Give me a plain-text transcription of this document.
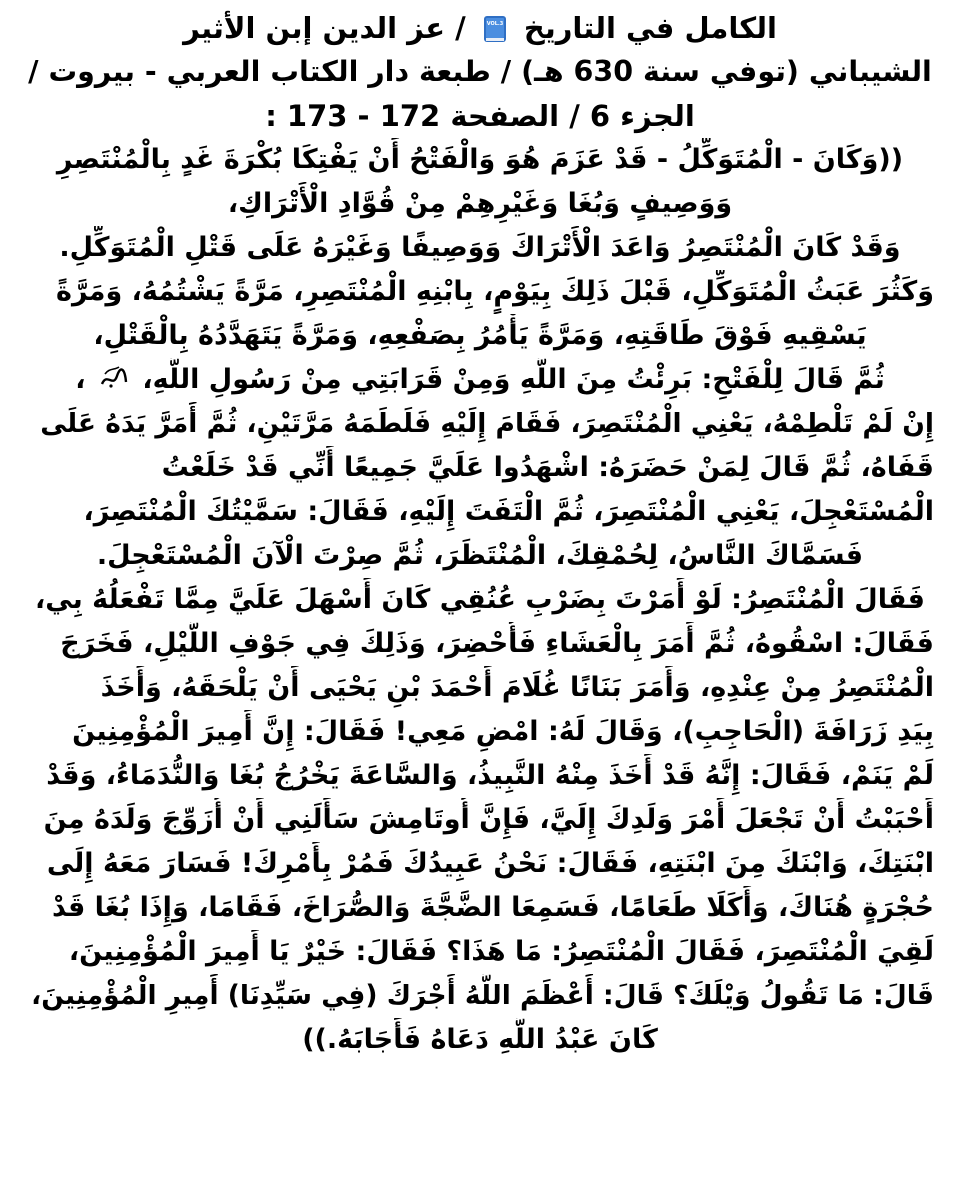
الكامل في التاريخ
VOL.3
/ عز الدين إبن الأثير
الشيباني (توفي سنة 630 هـ) / طبعة دار الكتاب العربي - بيروت /
الجزء 6 / الصفحة 172 - 173 :
((وَكَانَ - الْمُتَوَكِّلُ - قَدْ عَزَمَ هُوَ وَالْفَتْحُ أَنْ يَفْتِكَا بُكْرَةَ غَدٍ بِالْمُنْتَصِرِ
وَوَصِيفٍ وَبُغَا وَغَيْرِهِمْ مِنْ قُوَّادِ الْأَتْرَاكِ،
وَقَدْ كَانَ الْمُنْتَصِرُ وَاعَدَ الْأَتْرَاكَ وَوَصِيفًا وَغَيْرَهُ عَلَى قَتْلِ الْمُتَوَكِّلِ.
وَكَثُرَ عَبَثُ الْمُتَوَكِّلِ، قَبْلَ ذَلِكَ بِيَوْمٍ، بِابْنِهِ الْمُنْتَصِرِ، مَرَّةً يَشْتُمُهُ، وَمَرَّةً
يَسْقِيهِ فَوْقَ طَاقَتِهِ، وَمَرَّةً يَأْمُرُ بِصَفْعِهِ، وَمَرَّةً يَتَهَدَّدُهُ بِالْقَتْلِ،
ثُمَّ قَالَ لِلْفَتْحِ: بَرِئْتُ مِنَ اللَّهِ وَمِنْ قَرَابَتِي مِنْ رَسُولِ اللَّهِ،  ،
إِنْ لَمْ تَلْطِمْهُ، يَعْنِي الْمُنْتَصِرَ، فَقَامَ إِلَيْهِ فَلَطَمَهُ مَرَّتَيْنِ، ثُمَّ أَمَرَّ يَدَهُ عَلَى
قَفَاهُ، ثُمَّ قَالَ لِمَنْ حَضَرَهُ: اشْهَدُوا عَلَيَّ جَمِيعًا أَنِّي قَدْ خَلَعْتُ
الْمُسْتَعْجِلَ، يَعْنِي الْمُنْتَصِرَ، ثُمَّ الْتَفَتَ إِلَيْهِ، فَقَالَ: سَمَّيْتُكَ الْمُنْتَصِرَ،
فَسَمَّاكَ النَّاسُ، لِحُمْقِكَ، الْمُنْتَظَرَ، ثُمَّ صِرْتَ الْآنَ الْمُسْتَعْجِلَ.
فَقَالَ الْمُنْتَصِرُ: لَوْ أَمَرْتَ بِضَرْبِ عُنُقِي كَانَ أَسْهَلَ عَلَيَّ مِمَّا تَفْعَلُهُ بِي،
فَقَالَ: اسْقُوهُ، ثُمَّ أَمَرَ بِالْعَشَاءِ فَأُحْضِرَ، وَذَلِكَ فِي جَوْفِ اللَّيْلِ، فَخَرَجَ
الْمُنْتَصِرُ مِنْ عِنْدِهِ، وَأَمَرَ بَنَانًا غُلَامَ أَحْمَدَ بْنِ يَحْيَى أَنْ يَلْحَقَهُ، وَأَخَذَ
بِيَدِ زَرَافَةَ (الْحَاجِبِ)، وَقَالَ لَهُ: امْضِ مَعِي! فَقَالَ: إِنَّ أَمِيرَ الْمُؤْمِنِينَ
لَمْ يَنَمْ، فَقَالَ: إِنَّهُ قَدْ أَخَذَ مِنْهُ النَّبِيذُ، وَالسَّاعَةَ يَخْرُجُ بُغَا وَالنُّدَمَاءُ، وَقَدْ
أَحْبَبْتُ أَنْ تَجْعَلَ أَمْرَ وَلَدِكَ إِلَيَّ، فَإِنَّ أُوتَامِشَ سَأَلَنِي أَنْ أُزَوِّجَ وَلَدَهُ مِنَ
ابْنَتِكَ، وَابْنَكَ مِنَ ابْنَتِهِ، فَقَالَ: نَحْنُ عَبِيدُكَ فَمُرْ بِأَمْرِكَ! فَسَارَ مَعَهُ إِلَى
حُجْرَةٍ هُنَاكَ، وَأَكَلَا طَعَامًا، فَسَمِعَا الضَّجَّةَ وَالصُّرَاخَ، فَقَامَا، وَإِذَا بُغَا قَدْ
لَقِيَ الْمُنْتَصِرَ، فَقَالَ الْمُنْتَصِرُ: مَا هَذَا؟ فَقَالَ: خَيْرٌ يَا أَمِيرَ الْمُؤْمِنِينَ،
قَالَ: مَا تَقُولُ وَيْلَكَ؟ قَالَ: أَعْظَمَ اللَّهُ أَجْرَكَ (فِي سَيِّدِنَا) أَمِيرِ الْمُؤْمِنِينَ،
كَانَ عَبْدُ اللَّهِ دَعَاهُ فَأَجَابَهُ.))
